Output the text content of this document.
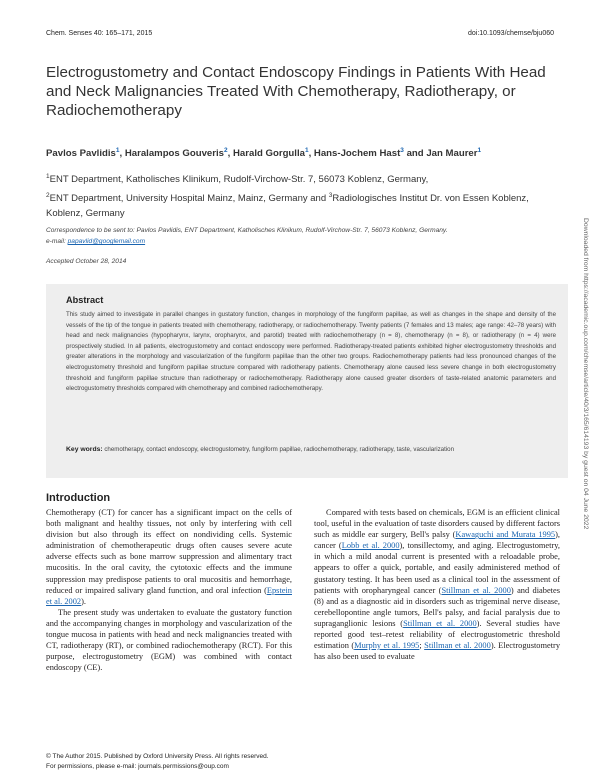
Chem. Senses 40: 165–171, 2015	doi:10.1093/chemse/bju060
Electrogustometry and Contact Endoscopy Findings in Patients With Head and Neck Malignancies Treated With Chemotherapy, Radiotherapy, or Radiochemotherapy
Pavlos Pavlidis$^1$, Haralampos Gouveris$^2$, Harald Gorgulla$^1$, Hans-Jochem Hast$^3$ and Jan Maurer$^1$
$^1$ENT Department, Katholisches Klinikum, Rudolf-Virchow-Str. 7, 56073 Koblenz, Germany,
$^2$ENT Department, University Hospital Mainz, Mainz, Germany and $^3$Radiologisches Institut Dr. von Essen Koblenz, Koblenz, Germany
Correspondence to be sent to: Pavlos Pavlidis, ENT Department, Katholisches Klinikum, Rudolf-Virchow-Str. 7, 56073 Koblenz, Germany.
e-mail: papavlid@googlemail.com
Accepted October 28, 2014
Abstract
This study aimed to investigate in parallel changes in gustatory function, changes in morphology of the fungiform papillae, as well as changes in the shape and density of the vessels of the tip of the tongue in patients treated with chemotherapy, radiotherapy, or radiochemotherapy. Twenty patients (7 females and 13 males; age range: 42–78 years) with head and neck malignancies (hypopharynx, larynx, oropharynx, and parotid) treated with radiochemotherapy (n = 8), chemotherapy (n = 8), or radiotherapy (n = 4) were prospectively studied. In all patients, electrogustometry and contact endoscopy were performed. Radiotherapy-treated patients exhibited higher electrogustometry thresholds and greater alterations in the morphology and vascularization of the fungiform papillae than the other two groups. Radiochemotherapy patients had less pronounced changes of the electrogustometry threshold and fungiform papillae structure compared with radiotherapy patients. Chemotherapy alone caused less severe change in both electrogustometry threshold and fungiform papillae structure than radiotherapy or radiochemotherapy. Radiotherapy alone caused greater disorders of taste-related anatomic parameters and electrogustometry thresholds compared with chemotherapy and combined radiochemotherapy.
Key words: chemotherapy, contact endoscopy, electrogustometry, fungiform papillae, radiochemotherapy, radiotherapy, taste, vascularization
Introduction

Chemotherapy (CT) for cancer has a significant impact on the cells of both malignant and healthy tissues, not only by interfering with cell division but also through its effect on nondividing cells. Systemic administration of chemotherapeutic drugs often causes severe acute adverse effects such as bone marrow suppression and alimentary tract mucositis. In the oral cavity, the cytotoxic effects and the immune suppression may predispose patients to oral mucositis and hemorrhage, reduced or impaired salivary gland function, and oral infection (Epstein et al. 2002).

The present study was undertaken to evaluate the gustatory function and the accompanying changes in morphology and vascularization of the tongue mucosa in patients with head and neck malignancies treated with CT, radiotherapy (RT), or combined radiochemotherapy (RCT). For this purpose, electrogustometry (EGM) was combined with contact endoscopy (CE).

Compared with tests based on chemicals, EGM is an efficient clinical tool, useful in the evaluation of taste disorders caused by different factors such as middle ear surgery, Bell's palsy (Kawaguchi and Murata 1995), cancer (Lobb et al. 2000), tonsillectomy, and aging. Electrogustometry, in which a mild anodal current is presented with a reloadable probe, appears to offer a quick, portable, and easily administered method of gustatory testing. It has been used as a clinical tool in the assessment of patients with oropharyngeal cancer (Stillman et al. 2000) and diabetes (8) and as a diagnostic aid in disorders such as trigeminal nerve disease, cerebellopontine angle tumors, Bell's palsy, and facial paralysis due to supraganglionic lesions (Stillman et al. 2000). Several studies have reported good test–retest reliability of electrogustometric threshold estimation (Murphy et al. 1995; Stillman et al. 2000). Electrogustometry has also been used to evaluate

Downloaded from https://academic.oup.com/chemse/article/40/3/165/614193 by guest on 04 June 2022
© The Author 2015. Published by Oxford University Press. All rights reserved.
For permissions, please e-mail: journals.permissions@oup.com
